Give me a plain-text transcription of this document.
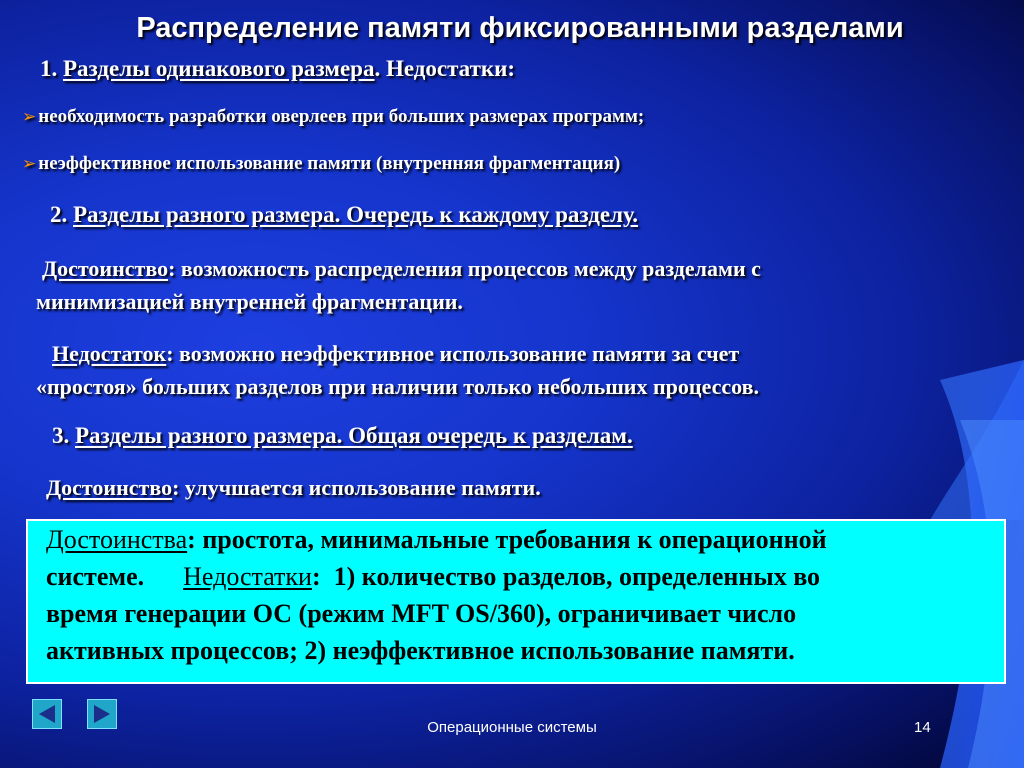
Распределение памяти фиксированными разделами
1. Разделы одинакового размера. Недостатки:
➢ необходимость разработки оверлеев при больших размерах программ;
➢ неэффективное использование памяти (внутренняя фрагментация)
2. Разделы разного размера. Очередь к каждому разделу.
Достоинство: возможность распределения процессов между разделами с
минимизацией внутренней фрагментации.
Недостаток: возможно неэффективное использование памяти за счет
«простоя» больших разделов при наличии только небольших процессов.
3. Разделы разного размера. Общая очередь к разделам.
Достоинство: улучшается использование памяти.
Достоинства: простота, минимальные требования к операционной
системе.      Недостатки:  1) количество разделов, определенных во
время генерации ОС (режим MFT OS/360), ограничивает число
активных процессов; 2) неэффективное использование памяти.
Операционные системы	14
